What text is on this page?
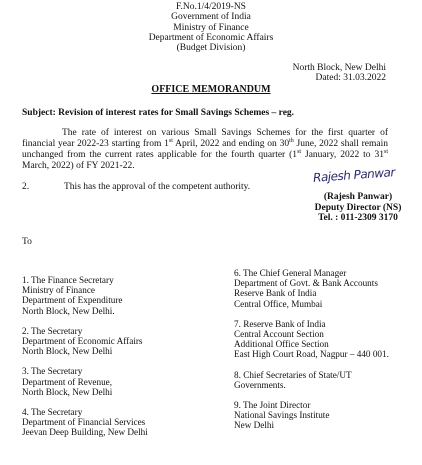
F.No.1/4/2019-NS
Government of India
Ministry of Finance
Department of Economic Affairs
(Budget Division)
North Block, New Delhi
Dated: 31.03.2022
OFFICE MEMORANDUM
Subject: Revision of interest rates for Small Savings Schemes – reg.
The rate of interest on various Small Savings Schemes for the first quarter of financial year 2022-23 starting from 1st April, 2022 and ending on 30th June, 2022 shall remain unchanged from the current rates applicable for the fourth quarter (1st January, 2022 to 31st March, 2022) of FY 2021-22.
2.	This has the approval of the competent authority.
Rajesh Panwar
(Rajesh Panwar)
Deputy Director (NS)
Tel. : 011-2309 3170
To
1. The Finance Secretary
Ministry of Finance
Department of Expenditure
North Block, New Delhi.
2. The Secretary
Department of Economic Affairs
North Block, New Delhi
3. The Secretary
Department of Revenue,
North Block, New Delhi
4. The Secretary
Department of Financial Services
Jeevan Deep Building, New Delhi
6. The Chief General Manager
Department of Govt. & Bank Accounts
Reserve Bank of India
Central Office, Mumbai
7. Reserve Bank of India
Central Account Section
Additional Office Section
East High Court Road, Nagpur – 440 001.
8. Chief Secretaries of State/UT
Governments.
9. The Joint Director
National Savings Institute
New Delhi
